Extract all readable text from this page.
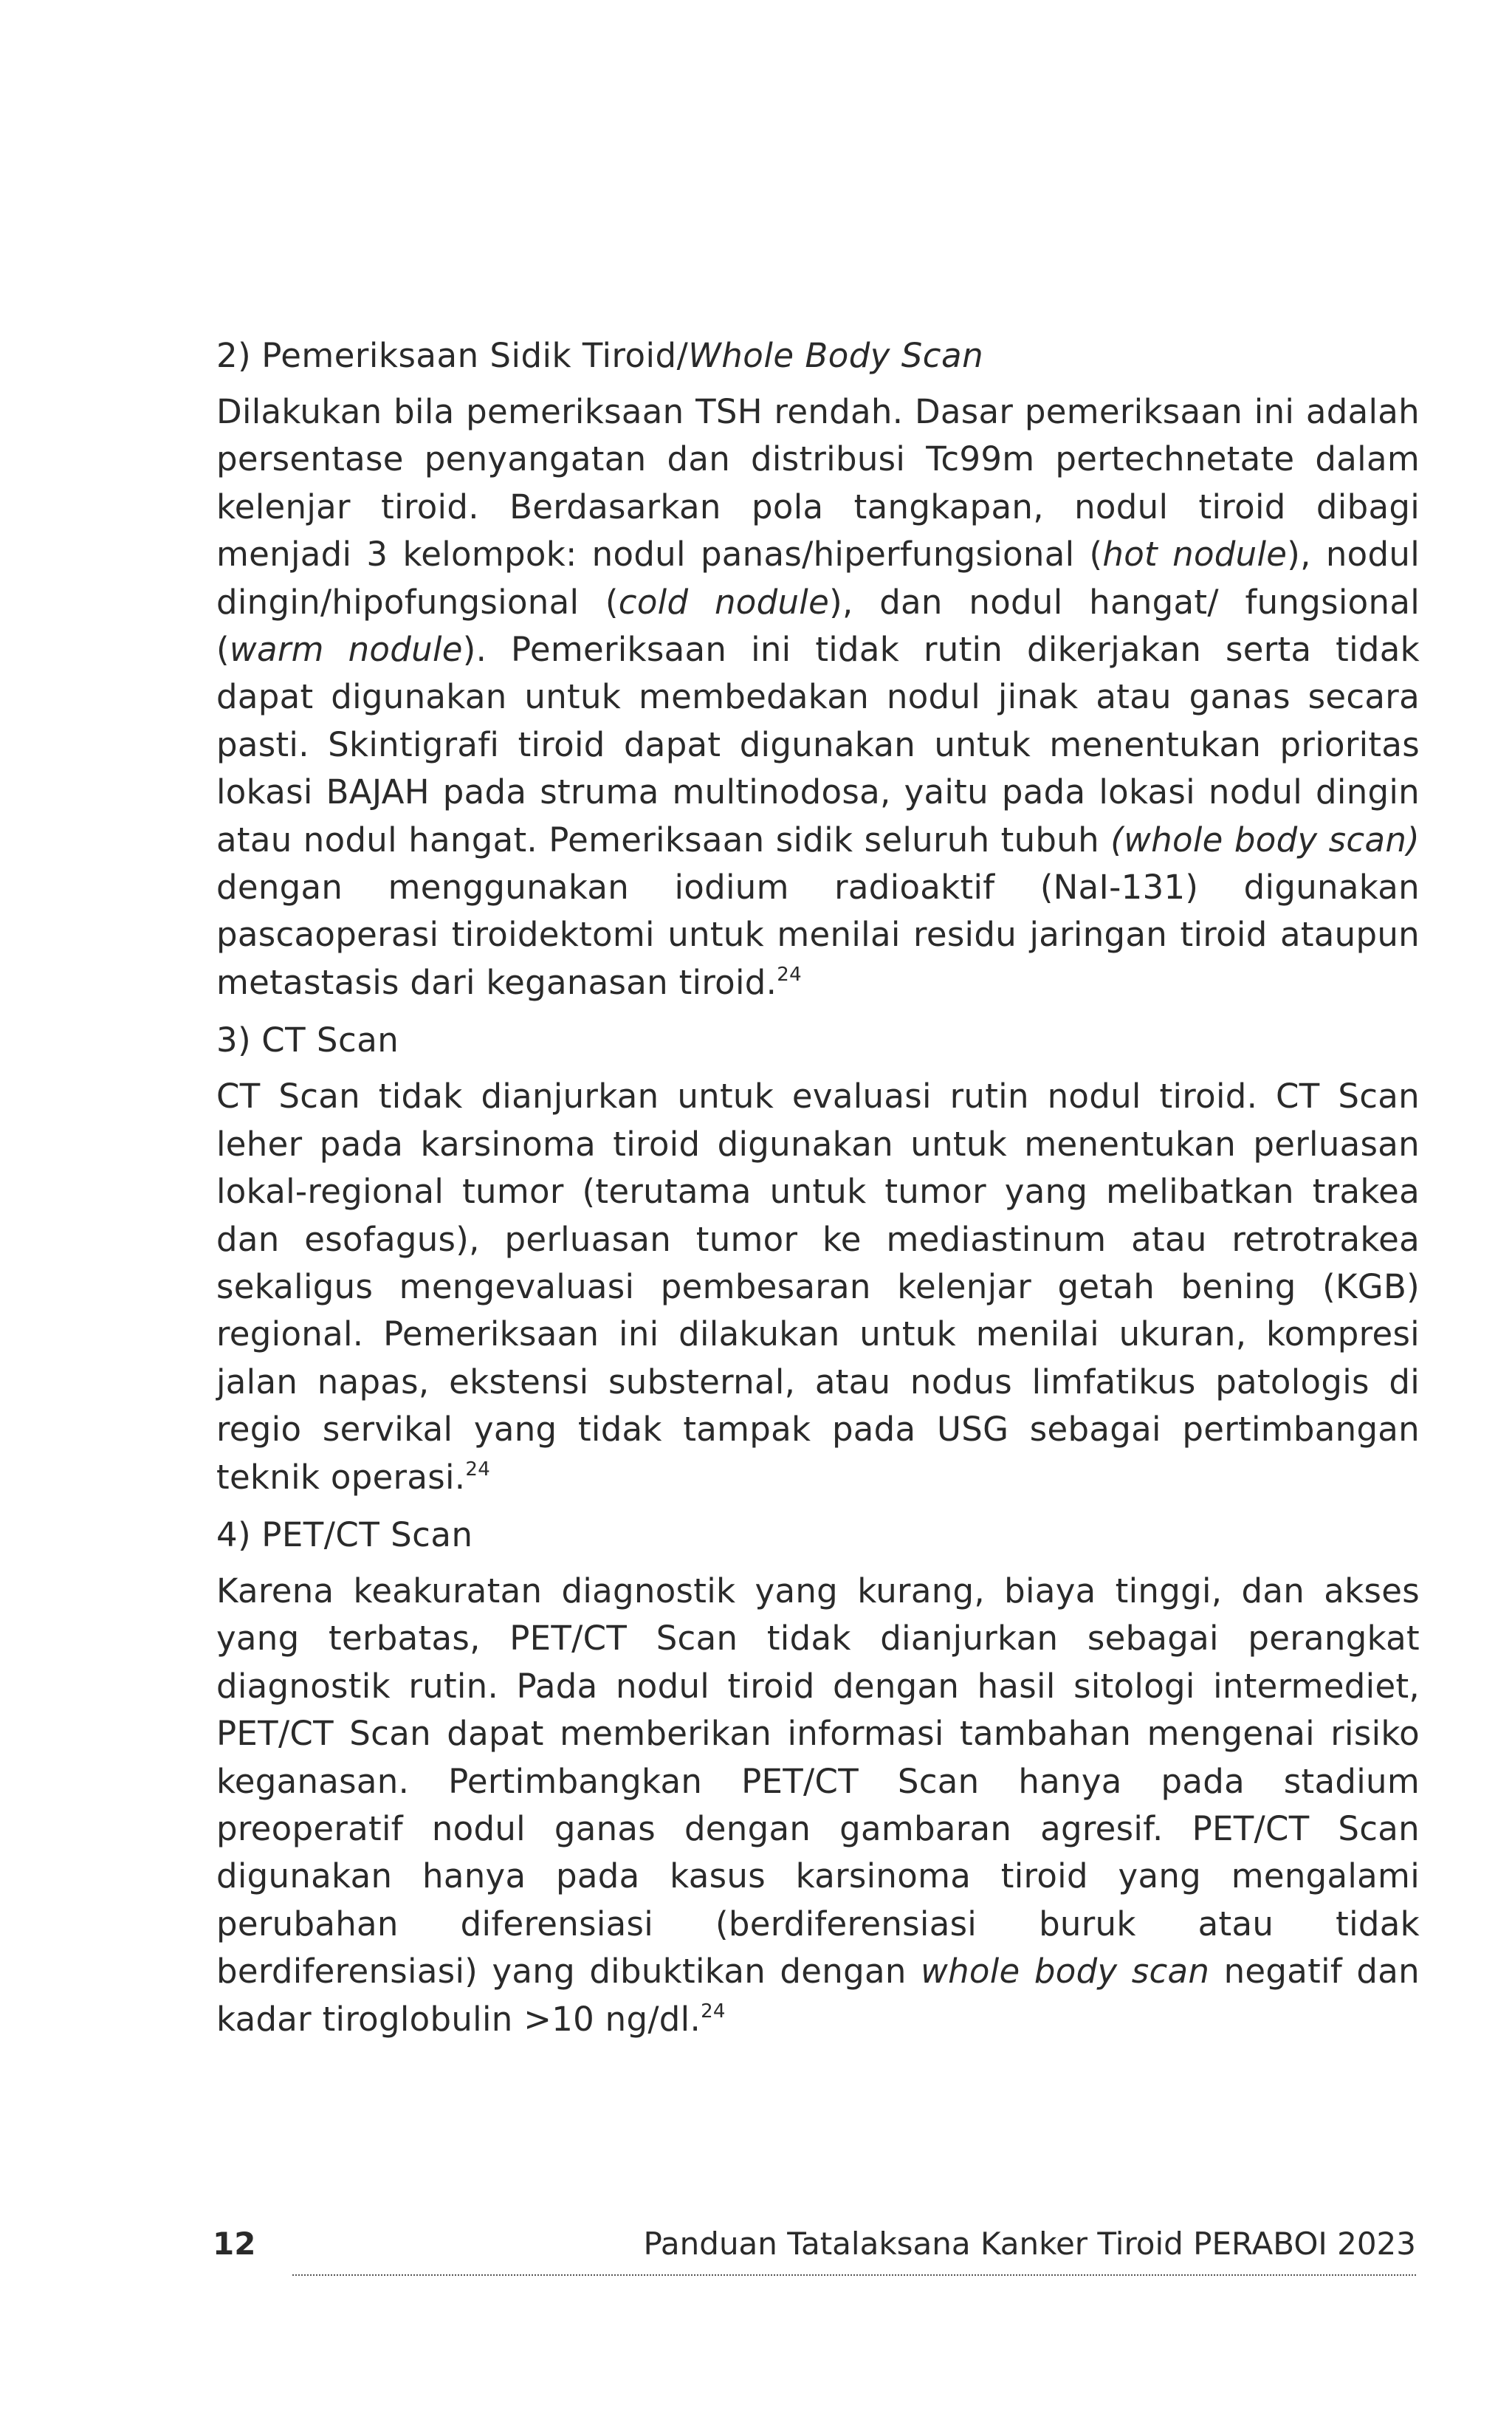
2) Pemeriksaan Sidik Tiroid/Whole Body Scan

Dilakukan bila pemeriksaan TSH rendah. Dasar pemeriksaan ini adalah persentase penyangatan dan distribusi Tc99m pertechnetate dalam kelenjar tiroid. Berdasarkan pola tangkapan, nodul tiroid dibagi menjadi 3 kelompok: nodul panas/hiperfungsional (hot nodule), nodul dingin/hipofungsional (cold nodule), dan nodul hangat/ fungsional (warm nodule). Pemeriksaan ini tidak rutin dikerjakan serta tidak dapat digunakan untuk membedakan nodul jinak atau ganas secara pasti. Skintigrafi tiroid dapat digunakan untuk menentukan prioritas lokasi BAJAH pada struma multinodosa, yaitu pada lokasi nodul dingin atau nodul hangat. Pemeriksaan sidik seluruh tubuh (whole body scan) dengan menggunakan iodium radioaktif (NaI-131) digunakan pascaoperasi tiroidektomi untuk menilai residu jaringan tiroid ataupun metastasis dari keganasan tiroid.$^{24}$

3) CT Scan

CT Scan tidak dianjurkan untuk evaluasi rutin nodul tiroid. CT Scan leher pada karsinoma tiroid digunakan untuk menentukan perluasan lokal-regional tumor (terutama untuk tumor yang melibatkan trakea dan esofagus), perluasan tumor ke mediastinum atau retrotrakea sekaligus mengevaluasi pembesaran kelenjar getah bening (KGB) regional. Pemeriksaan ini dilakukan untuk menilai ukuran, kompresi jalan napas, ekstensi substernal, atau nodus limfatikus patologis di regio servikal yang tidak tampak pada USG sebagai pertimbangan teknik operasi.$^{24}$

4) PET/CT Scan

Karena keakuratan diagnostik yang kurang, biaya tinggi, dan akses yang terbatas, PET/CT Scan tidak dianjurkan sebagai perangkat diagnostik rutin. Pada nodul tiroid dengan hasil sitologi intermediet, PET/CT Scan dapat memberikan informasi tambahan mengenai risiko keganasan. Pertimbangkan PET/CT Scan hanya pada stadium preoperatif nodul ganas dengan gambaran agresif. PET/CT Scan digunakan hanya pada kasus karsinoma tiroid yang mengalami perubahan diferensiasi (berdiferensiasi buruk atau tidak berdiferensiasi) yang dibuktikan dengan whole body scan negatif dan kadar tiroglobulin >10 ng/dl.$^{24}$

12	Panduan Tatalaksana Kanker Tiroid PERABOI 2023
